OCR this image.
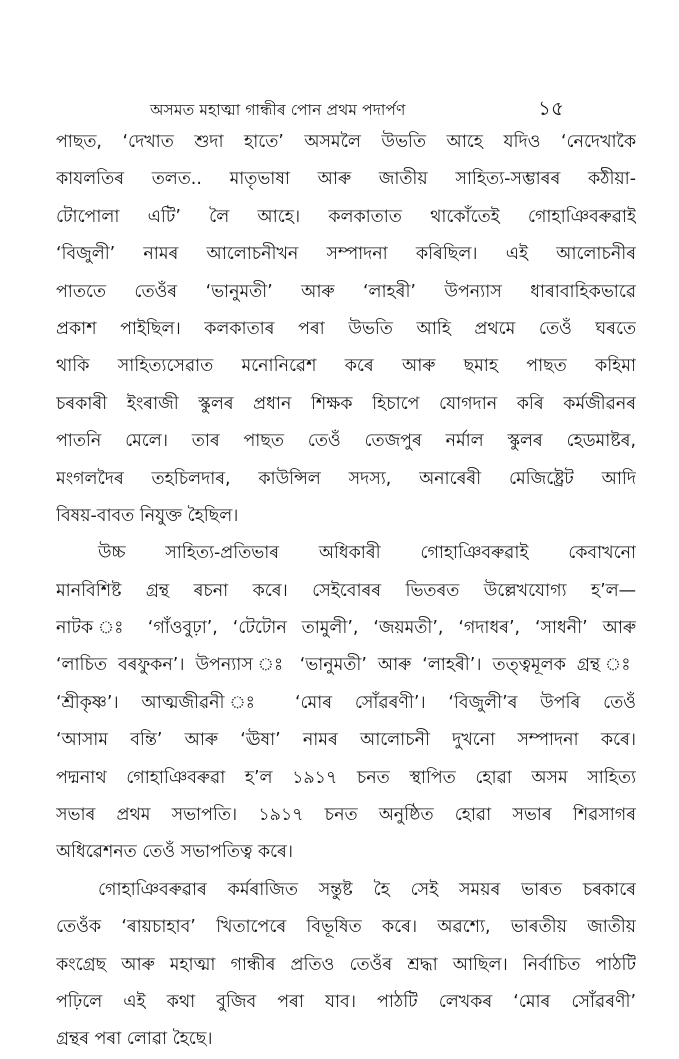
অসমত মহাত্মা গান্ধীৰ পোন প্ৰথম পদাৰ্পণ	১৫
পাছত, ‘দেখাত শুদা হাতে’ অসমলৈ উভতি আহে যদিও ‘নেদেখাকৈ
কাযলতিৰ তলত.. মাতৃভাষা আৰু জাতীয় সাহিত্য-সম্ভাৰৰ কঠীয়া-
টোপোলা এটি’ লৈ আহে। কলকাতাত থাকোঁতেই গোহাঞিবৰুৱাই
‘বিজুলী’ নামৰ আলোচনীখন সম্পাদনা কৰিছিল। এই আলোচনীৰ
পাততে তেওঁৰ ‘ভানুমতী’ আৰু ‘লাহৰী’ উপন্যাস ধাৰাবাহিকভাৱে
প্ৰকাশ পাইছিল। কলকাতাৰ পৰা উভতি আহি প্ৰথমে তেওঁ ঘৰতে
থাকি সাহিত্যসেৱাত মনোনিৱেশ কৰে আৰু ছমাহ পাছত কহিমা
চৰকাৰী ইংৰাজী স্কুলৰ প্ৰধান শিক্ষক হিচাপে যোগদান কৰি কৰ্মজীৱনৰ
পাতনি মেলে। তাৰ পাছত তেওঁ তেজপুৰ নৰ্মাল স্কুলৰ হেডমাষ্টৰ,
মংগলদৈৰ তহচিলদাৰ, কাউন্সিল সদস্য, অনাৰেৰী মেজিষ্ট্ৰেট আদি
বিষয়-বাবত নিযুক্ত হৈছিল।
উচ্চ সাহিত্য-প্ৰতিভাৰ অধিকাৰী গোহাঞিবৰুৱাই কেবাখনো
মানবিশিষ্ট গ্ৰন্থ ৰচনা কৰে। সেইবোৰৰ ভিতৰত উল্লেখযোগ্য হ’ল—
নাটক ঃ ‘গাঁওবুঢ়া’, ‘টেটোন তামুলী’, ‘জয়মতী’, ‘গদাধৰ’, ‘সাধনী’ আৰু
‘লাচিত বৰফুকন’। উপন্যাস ঃ ‘ভানুমতী’ আৰু ‘লাহৰী’। তত্ত্বমূলক গ্ৰন্থ ঃ
‘শ্ৰীকৃষ্ণ’। আত্মজীৱনী ঃ ‘মোৰ সোঁৱৰণী’। ‘বিজুলী’ৰ উপৰি তেওঁ
‘আসাম বন্তি’ আৰু ‘ঊষা’ নামৰ আলোচনী দুখনো সম্পাদনা কৰে।
পদ্মনাথ গোহাঞিবৰুৱা হ’ল ১৯১৭ চনত স্থাপিত হোৱা অসম সাহিত্য
সভাৰ প্ৰথম সভাপতি। ১৯১৭ চনত অনুষ্ঠিত হোৱা সভাৰ শিৱসাগৰ
অধিৱেশনত তেওঁ সভাপতিত্ব কৰে।
গোহাঞিবৰুৱাৰ কৰ্মৰাজিত সন্তুষ্ট হৈ সেই সময়ৰ ভাৰত চৰকাৰে
তেওঁক ‘ৰায়চাহাব’ খিতাপেৰে বিভূষিত কৰে। অৱশ্যে, ভাৰতীয় জাতীয়
কংগ্ৰেছ আৰু মহাত্মা গান্ধীৰ প্ৰতিও তেওঁৰ শ্ৰদ্ধা আছিল। নিৰ্বাচিত পাঠটি
পঢ়িলে এই কথা বুজিব পৰা যাব। পাঠটি লেখকৰ ‘মোৰ সোঁৱৰণী’
গ্ৰন্থৰ পৰা লোৱা হৈছে।
